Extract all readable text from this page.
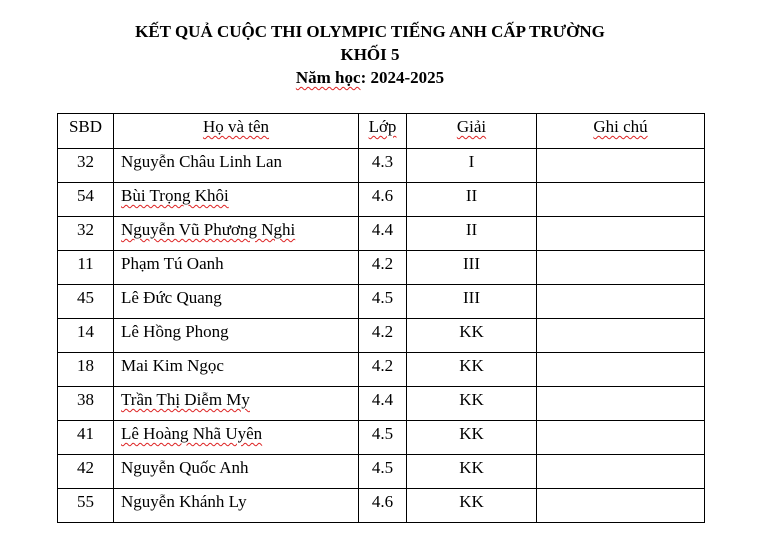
KẾT QUẢ CUỘC THI OLYMPIC TIẾNG ANH CẤP TRƯỜNG
KHỐI 5
Năm học: 2024-2025
SBD	Họ và tên	Lớp	Giải	Ghi chú
32	Nguyễn Châu Linh Lan	4.3	I	
54	Bùi Trọng Khôi	4.6	II	
32	Nguyễn Vũ Phương Nghi	4.4	II	
11	Phạm Tú Oanh	4.2	III	
45	Lê Đức Quang	4.5	III	
14	Lê Hồng Phong	4.2	KK	
18	Mai Kim Ngọc	4.2	KK	
38	Trần Thị Diễm My	4.4	KK	
41	Lê Hoàng Nhã Uyên	4.5	KK	
42	Nguyễn Quốc Anh	4.5	KK	
55	Nguyễn Khánh Ly	4.6	KK	
